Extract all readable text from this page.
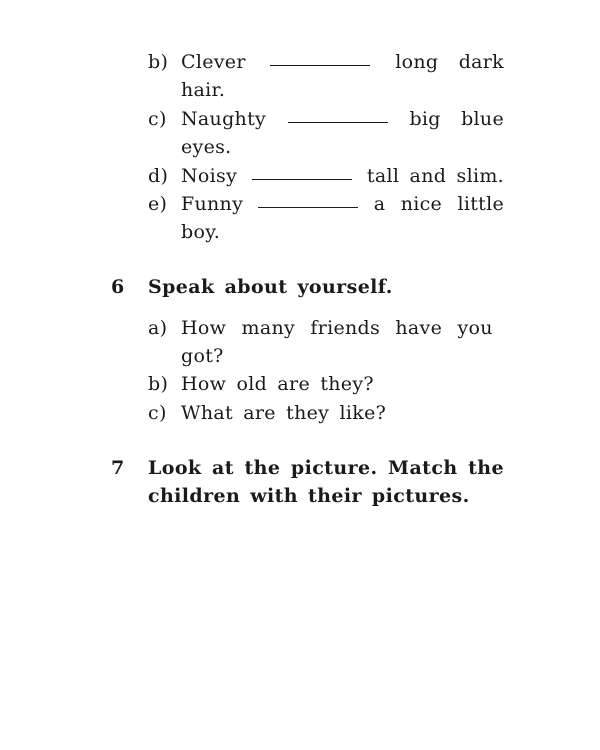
b) Clever	long dark
hair.
c) Naughty	big blue
eyes.
d) Noisy	tall and slim.
e) Funny	a nice little
boy.
6 Speak about yourself.
a) How many friends have you
got?
b) How old are they?
c) What are they like?
7 Look at the picture. Match the
children with their pictures.
